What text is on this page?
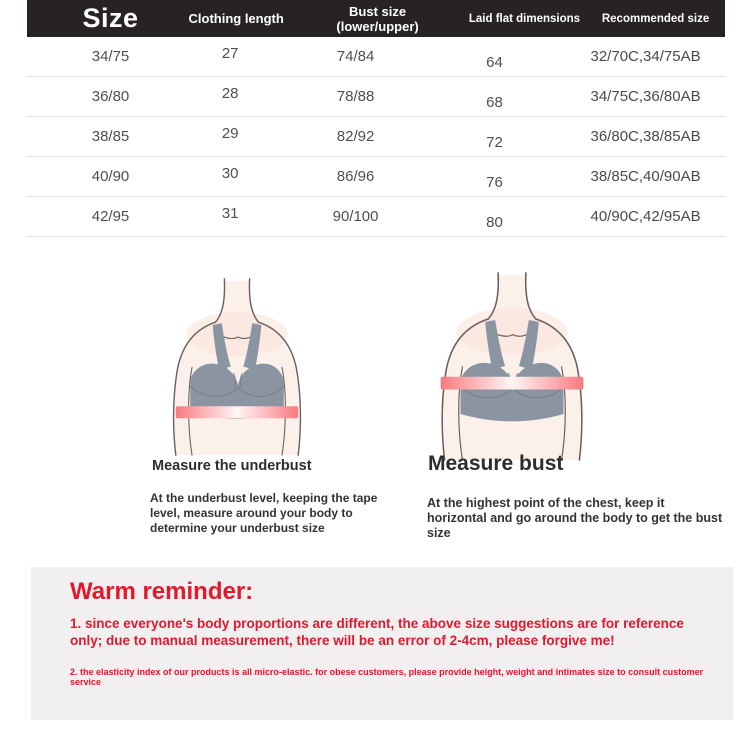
Size	Clothing length	Bust size (lower/upper)	Laid flat dimensions	Recommended size
34/75	27	74/84	64	32/70C,34/75AB
36/80	28	78/88	68	34/75C,36/80AB
38/85	29	82/92	72	36/80C,38/85AB
40/90	30	86/96	76	38/85C,40/90AB
42/95	31	90/100	80	40/90C,42/95AB
Measure the underbust
At the underbust level, keeping the tape level, measure around your body to determine your underbust size
Measure bust
At the highest point of the chest, keep it horizontal and go around the body to get the bust size
Warm reminder:
1. since everyone's body proportions are different, the above size suggestions are for reference only; due to manual measurement, there will be an error of 2-4cm, please forgive me!
2. the elasticity index of our products is all micro-elastic. for obese customers, please provide height, weight and intimates size to consult customer service
